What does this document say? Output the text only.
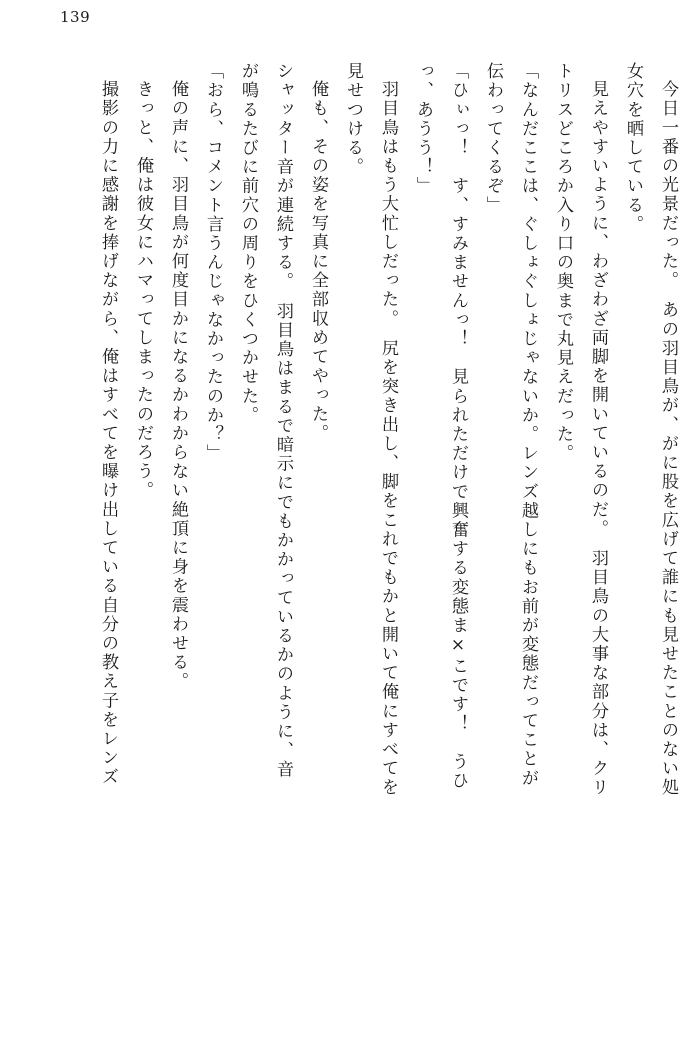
139
今日一番の光景だった。　あの羽目鳥が、がに股を広げて誰にも見せたことのない処
女穴を晒している。
見えやすいように、わざわざ両脚を開いているのだ。　羽目鳥の大事な部分は、クリ
トリスどころか入り口の奥まで丸見えだった。
「なんだここは、ぐしょぐしょじゃないか。レンズ越しにもお前が変態だってことが
伝わってくるぞ」
「ひぃっ！　す、すみませんっ！　見られただけで興奮する変態ま×こです！　うひ
っ、あうう！」
羽目鳥はもう大忙しだった。　尻を突き出し、脚をこれでもかと開いて俺にすべてを
見せつける。
俺も、その姿を写真に全部収めてやった。
シャッター音が連続する。　羽目鳥はまるで暗示にでもかかっているかのように、音
が鳴るたびに前穴の周りをひくつかせた。
「おら、コメント言うんじゃなかったのか？」
俺の声に、羽目鳥が何度目かになるかわからない絶頂に身を震わせる。
きっと、俺は彼女にハマってしまったのだろう。
撮影の力に感謝を捧げながら、俺はすべてを曝け出している自分の教え子をレンズ
